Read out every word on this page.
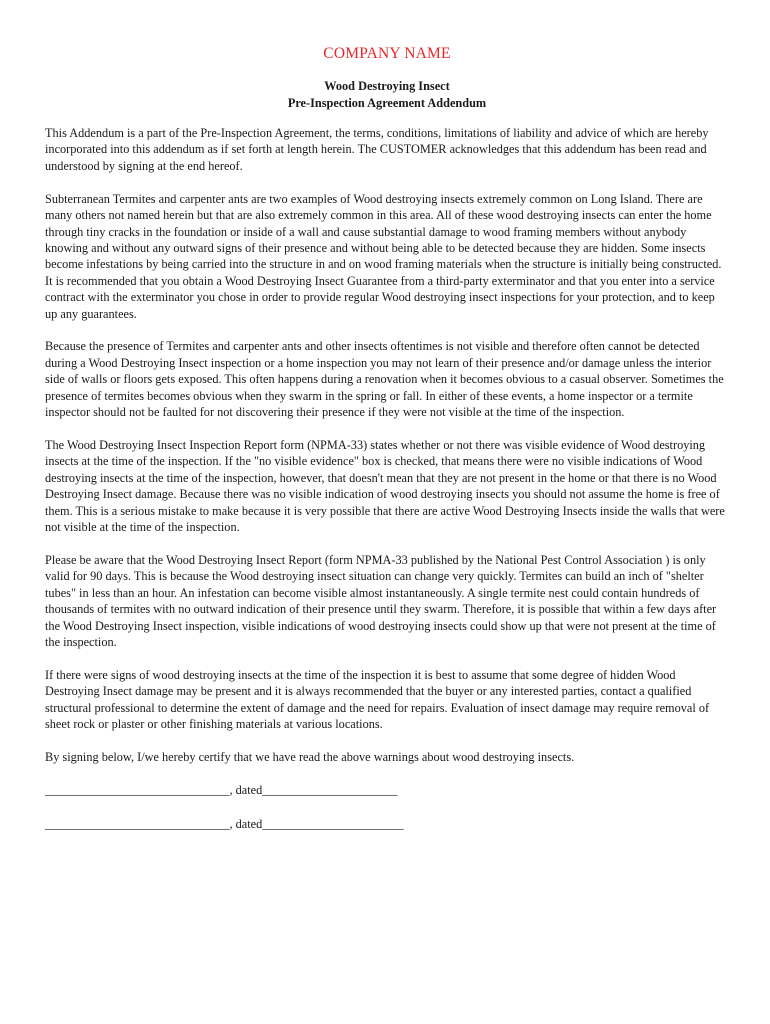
COMPANY NAME
Wood Destroying Insect
Pre-Inspection Agreement Addendum

This Addendum is a part of the Pre-Inspection Agreement, the terms, conditions, limitations of liability and advice of which are hereby incorporated into this addendum as if set forth at length herein. The CUSTOMER acknowledges that this addendum has been read and understood by signing at the end hereof.

Subterranean Termites and carpenter ants are two examples of Wood destroying insects extremely common on Long Island. There are many others not named herein but that are also extremely common in this area. All of these wood destroying insects can enter the home through tiny cracks in the foundation or inside of a wall and cause substantial damage to wood framing members without anybody knowing and without any outward signs of their presence and without being able to be detected because they are hidden. Some insects become infestations by being carried into the structure in and on wood framing materials when the structure is initially being constructed. It is recommended that you obtain a Wood Destroying Insect Guarantee from a third-party exterminator and that you enter into a service contract with the exterminator you chose in order to provide regular Wood destroying insect inspections for your protection, and to keep up any guarantees.

Because the presence of Termites and carpenter ants and other insects oftentimes is not visible and therefore often cannot be detected during a Wood Destroying Insect inspection or a home inspection you may not learn of their presence and/or damage unless the interior side of walls or floors gets exposed. This often happens during a renovation when it becomes obvious to a casual observer. Sometimes the presence of termites becomes obvious when they swarm in the spring or fall. In either of these events, a home inspector or a termite inspector should not be faulted for not discovering their presence if they were not visible at the time of the inspection.

The Wood Destroying Insect Inspection Report form (NPMA-33) states whether or not there was visible evidence of Wood destroying insects at the time of the inspection. If the "no visible evidence" box is checked, that means there were no visible indications of Wood destroying insects at the time of the inspection, however, that doesn't mean that they are not present in the home or that there is no Wood Destroying Insect damage. Because there was no visible indication of wood destroying insects you should not assume the home is free of them. This is a serious mistake to make because it is very possible that there are active Wood Destroying Insects inside the walls that were not visible at the time of the inspection.

Please be aware that the Wood Destroying Insect Report (form NPMA-33 published by the National Pest Control Association ) is only valid for 90 days. This is because the Wood destroying insect situation can change very quickly. Termites can build an inch of "shelter tubes" in less than an hour. An infestation can become visible almost instantaneously. A single termite nest could contain hundreds of thousands of termites with no outward indication of their presence until they swarm. Therefore, it is possible that within a few days after the Wood Destroying Insect inspection, visible indications of wood destroying insects could show up that were not present at the time of the inspection.

If there were signs of wood destroying insects at the time of the inspection it is best to assume that some degree of hidden Wood Destroying Insect damage may be present and it is always recommended that the buyer or any interested parties, contact a qualified structural professional to determine the extent of damage and the need for repairs. Evaluation of insect damage may require removal of sheet rock or plaster or other finishing materials at various locations.

By signing below, I/we hereby certify that we have read the above warnings about wood destroying insects.

______________________________, dated______________________
______________________________, dated_______________________
